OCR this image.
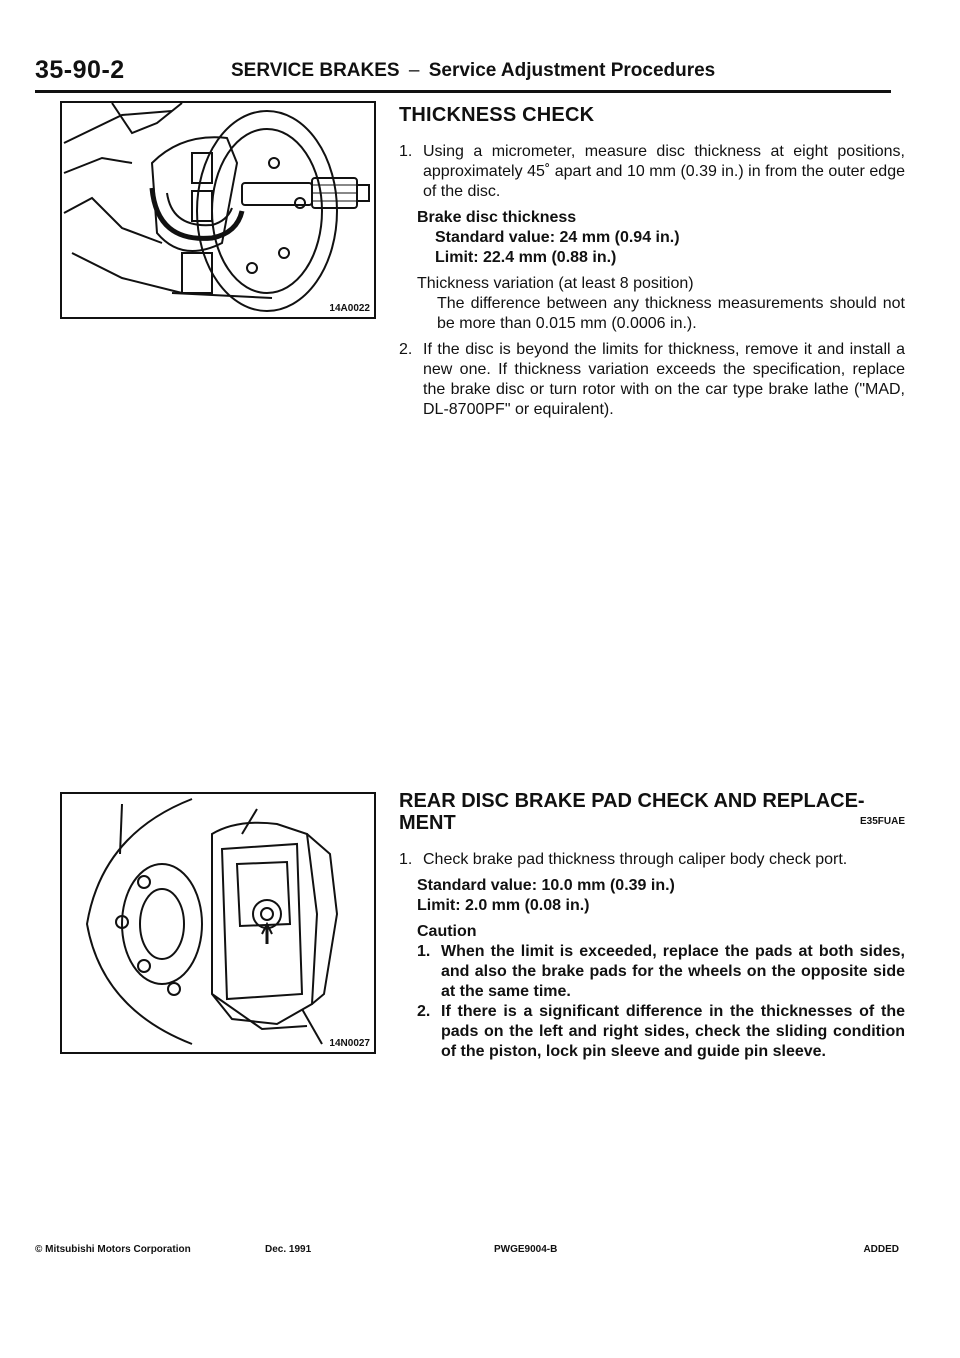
35-90-2	SERVICE BRAKES – Service Adjustment Procedures
14A0022
THICKNESS CHECK
1. Using a micrometer, measure disc thickness at eight positions, approximately 45˚ apart and 10 mm (0.39 in.) in from the outer edge of the disc.
Brake disc thickness
Standard value: 24 mm (0.94 in.)
Limit: 22.4 mm (0.88 in.)
Thickness variation (at least 8 position)
The difference between any thickness measurements should not be more than 0.015 mm (0.0006 in.).
2. If the disc is beyond the limits for thickness, remove it and install a new one. If thickness variation exceeds the specification, replace the brake disc or turn rotor with on the car type brake lathe ("MAD, DL-8700PF" or equiralent).
14N0027
REAR DISC BRAKE PAD CHECK AND REPLACE-
MENT	E35FUAE
1. Check brake pad thickness through caliper body check port.
Standard value: 10.0 mm (0.39 in.)
Limit: 2.0 mm (0.08 in.)
Caution
1. When the limit is exceeded, replace the pads at both sides, and also the brake pads for the wheels on the opposite side at the same time.
2. If there is a significant difference in the thicknesses of the pads on the left and right sides, check the sliding condition of the piston, lock pin sleeve and guide pin sleeve.
© Mitsubishi Motors Corporation	Dec. 1991	PWGE9004-B	ADDED
